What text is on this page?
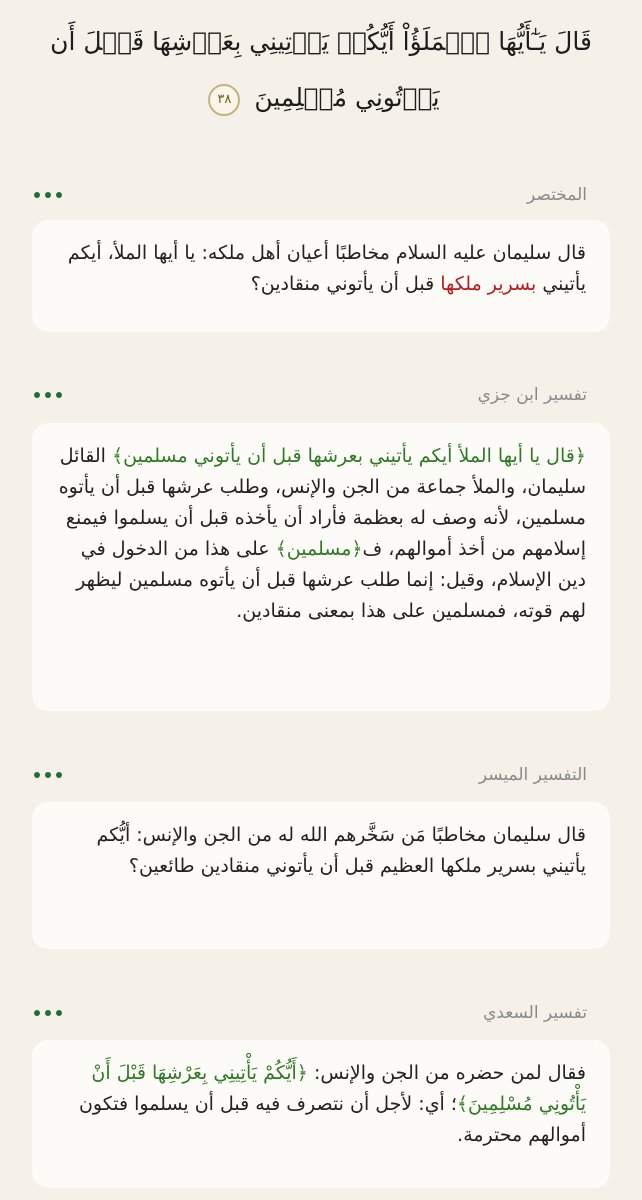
قَالَ يَـٰٓأَيُّهَا ٱلۡمَلَؤُاْ أَيُّكُمۡ يَأۡتِينِي بِعَرۡشِهَا قَبۡلَ أَن يَأۡتُونِي مُسۡلِمِينَ ٣٨
المختصر
قال سليمان عليه السلام مخاطبًا أعيان أهل ملكه: يا أيها الملأ، أيكم يأتيني بسرير ملكها قبل أن يأتوني منقادين؟
تفسير ابن جزي
﴿قال يا أيها الملأ أيكم يأتيني بعرشها قبل أن يأتوني مسلمين﴾ القائل سليمان، والملأ جماعة من الجن والإنس، وطلب عرشها قبل أن يأتوه مسلمين، لأنه وصف له بعظمة فأراد أن يأخذه قبل أن يسلموا فيمنع إسلامهم من أخذ أموالهم، ف﴿مسلمين﴾ على هذا من الدخول في دين الإسلام، وقيل: إنما طلب عرشها قبل أن يأتوه مسلمين ليظهر لهم قوته، فمسلمين على هذا بمعنى منقادين.
التفسير الميسر
قال سليمان مخاطبًا مَن سَخَّرهم الله له من الجن والإنس: أيُّكم يأتيني بسرير ملكها العظيم قبل أن يأتوني منقادين طائعين؟
تفسير السعدي
فقال لمن حضره من الجن والإنس: ﴿أَيُّكُمْ يَأْتِينِي بِعَرْشِهَا قَبْلَ أَنْ يَأْتُونِي مُسْلِمِينَ﴾؛ أي: لأجل أن نتصرف فيه قبل أن يسلموا فتكون أموالهم محترمة.
